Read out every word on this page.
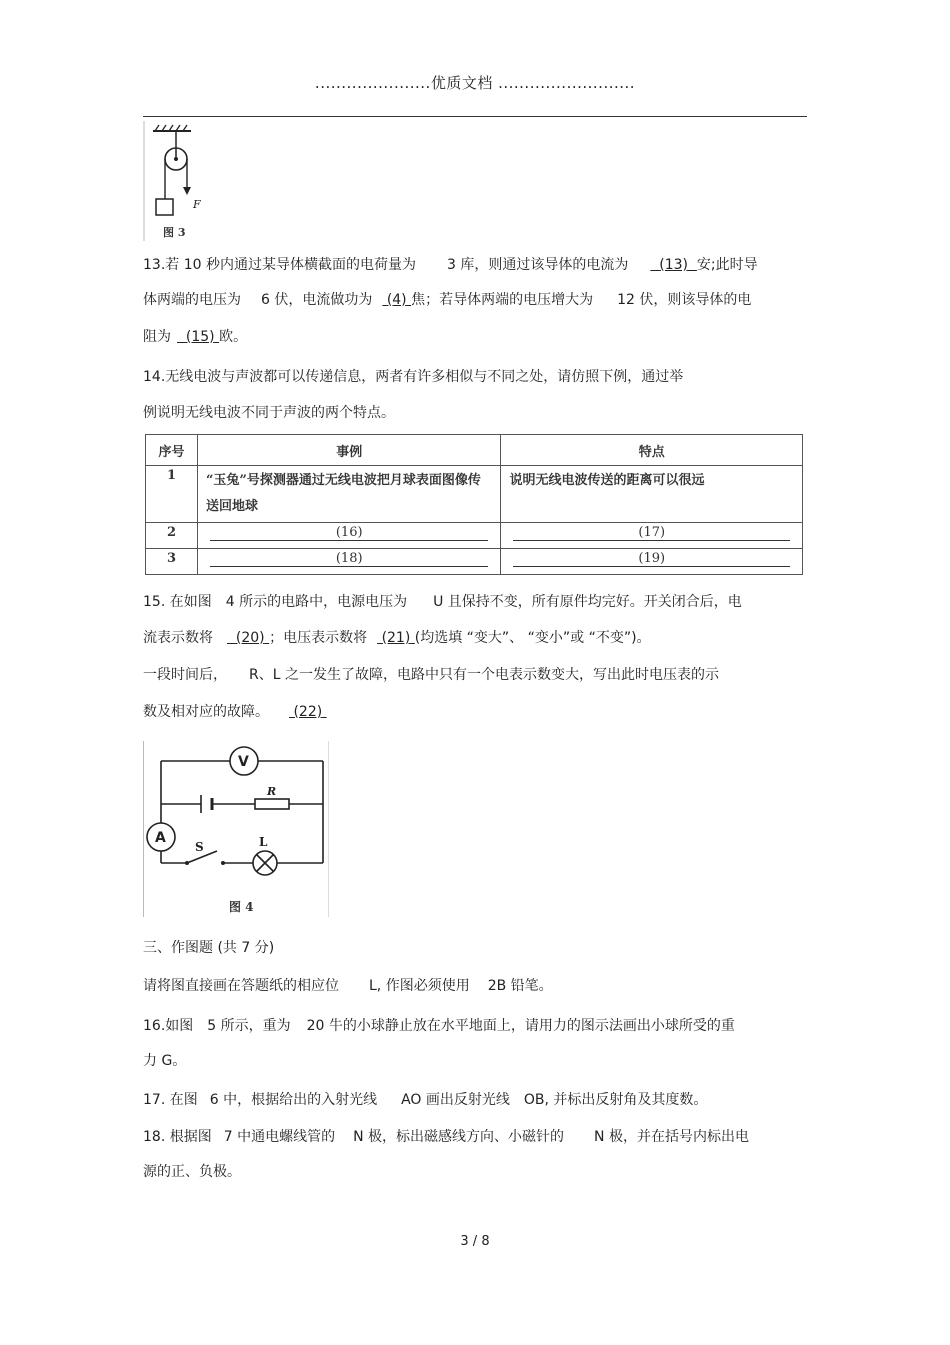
......................优质文档 ..........................
F
图 3
13.若 10 秒内通过某导体横截面的电荷量为 3 库，则通过该导体的电流为 (13) 安;此时导
体两端的电压为 6 伏，电流做功为 (4) 焦；若导体两端的电压增大为 12 伏，则该导体的电
阻为 (15) 欧。
14.无线电波与声波都可以传递信息，两者有许多相似与不同之处，请仿照下例，通过举
例说明无线电波不同于声波的两个特点。
序号	事例	特点
1	“玉兔”号探测器通过无线电波把月球表面图像传送回地球	说明无线电波传送的距离可以很远
2	(16)	(17)

3	(18)	(19)
15. 在如图 4 所示的电路中，电源电压为 U 且保持不变，所有原件均完好。开关闭合后，电
流表示数将 (20) ；电压表示数将 (21) (均选填 “变大”、 “变小”或 “不变”)。
一段时间后， R、L 之一发生了故障，电路中只有一个电表示数变大，写出此时电压表的示
数及相对应的故障。 (22)
V
A
R
S	L
图 4
三、作图题 (共 7 分)
请将图直接画在答题纸的相应位 L, 作图必须使用 2B 铅笔。
16.如图 5 所示，重为 20 牛的小球静止放在水平地面上，请用力的图示法画出小球所受的重
力 G。
17. 在图 6 中，根据给出的入射光线 AO 画出反射光线 OB, 并标出反射角及其度数。
18. 根据图 7 中通电螺线管的 N 极，标出磁感线方向、小磁针的 N 极，并在括号内标出电
源的正、负极。
3 / 8
